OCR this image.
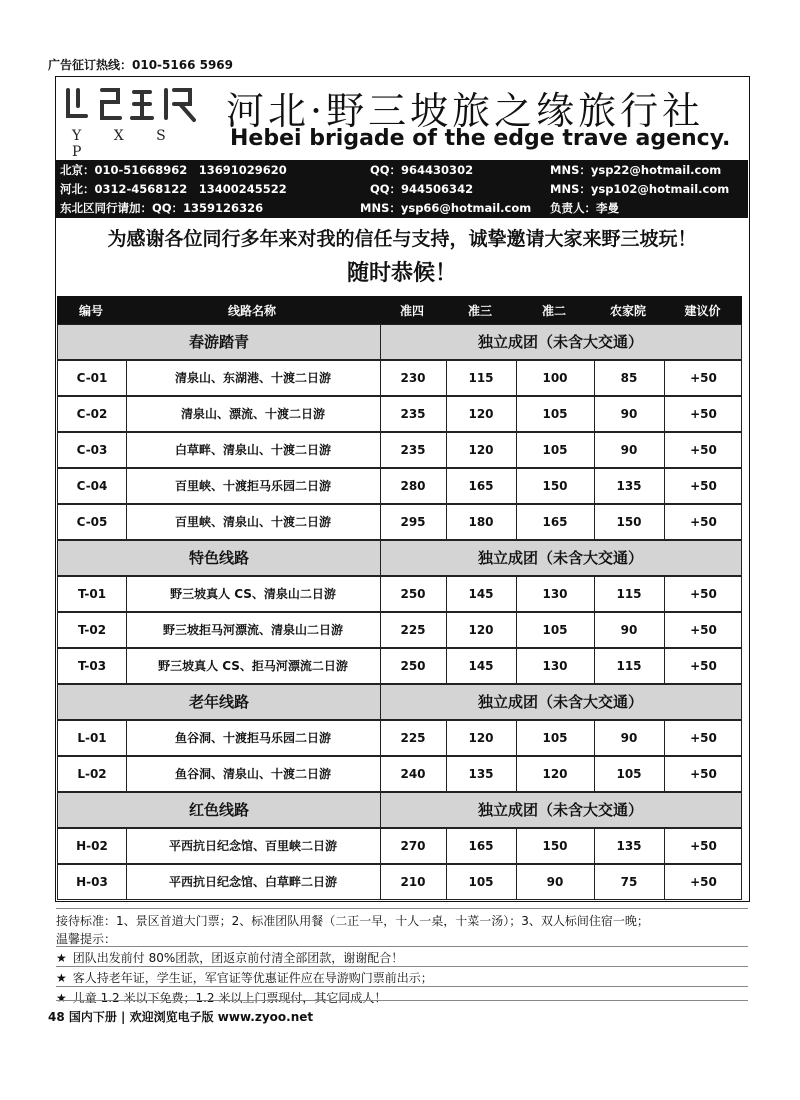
广告征订热线：010-5166 5969
Y X S P
河北·野三坡旅之缘旅行社
Hebei brigade of the edge trave agency.
北京：010-51668962　13691029620	QQ：964430302	MNS：ysp22@hotmail.com
河北：0312-4568122　13400245522	QQ：944506342	MNS：ysp102@hotmail.com
东北区同行请加：QQ：1359126326	MNS：ysp66@hotmail.com 负责人：李曼
为感谢各位同行多年来对我的信任与支持，诚挚邀请大家来野三坡玩！
随时恭候！
编号	线路名称	准四	准三	准二	农家院	建议价
春游踏青	独立成团（未含大交通）
C-01	清泉山、东湖港、十渡二日游	230	115	100	85	+50
C-02	清泉山、漂流、十渡二日游	235	120	105	90	+50
C-03	白草畔、清泉山、十渡二日游	235	120	105	90	+50
C-04	百里峡、十渡拒马乐园二日游	280	165	150	135	+50
C-05	百里峡、清泉山、十渡二日游	295	180	165	150	+50
特色线路	独立成团（未含大交通）
T-01	野三坡真人 CS、清泉山二日游	250	145	130	115	+50
T-02	野三坡拒马河漂流、清泉山二日游	225	120	105	90	+50
T-03	野三坡真人 CS、拒马河漂流二日游	250	145	130	115	+50
老年线路	独立成团（未含大交通）
L-01	鱼谷洞、十渡拒马乐园二日游	225	120	105	90	+50
L-02	鱼谷洞、清泉山、十渡二日游	240	135	120	105	+50
红色线路	独立成团（未含大交通）
H-02	平西抗日纪念馆、百里峡二日游	270	165	150	135	+50
H-03	平西抗日纪念馆、白草畔二日游	210	105	90	75	+50
接待标准：1、景区首道大门票；2、标准团队用餐（二正一早，十人一桌，十菜一汤）；3、双人标间住宿一晚；
温馨提示：
★ 团队出发前付 80%团款，团返京前付清全部团款，谢谢配合！
★ 客人持老年证，学生证，军官证等优惠证件应在导游购门票前出示；
★ 儿童 1.2 米以下免费；1.2 米以上门票现付，其它同成人！
48 国内下册 | 欢迎浏览电子版 www.zyoo.net
